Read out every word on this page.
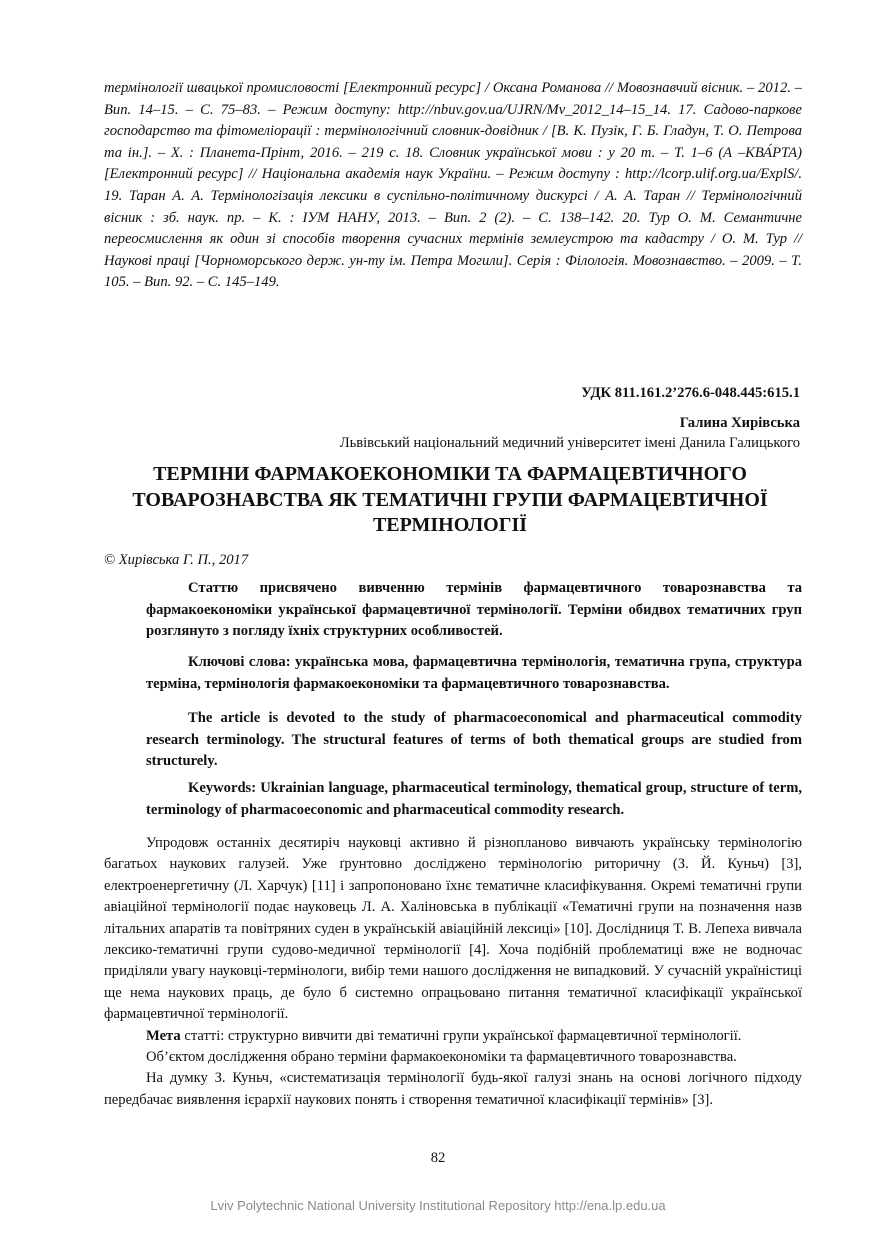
термінології швацької промисловості [Електронний ресурс] / Оксана Романова // Мовознавчий вісник. – 2012. – Вип. 14–15. – С. 75–83. – Режим доступу: http://nbuv.gov.ua/UJRN/Mv_2012_14–15_14. 17. Садово-паркове господарство та фітомеліорації : термінологічний словник-довідник / [В. К. Пузік, Г. Б. Гладун, Т. О. Петрова та ін.]. – Х. : Планета-Прінт, 2016. – 219 с. 18. Словник української мови : у 20 т. – Т. 1–6 (А –КВА́РТА) [Електронний ресурс] // Національна академія наук України. – Режим доступу : http://lcorp.ulif.org.ua/ExplS/. 19. Таран А. А. Термінологізація лексики в суспільно-політичному дискурсі / А. А. Таран // Термінологічний вісник : зб. наук. пр. – К. : ІУМ НАНУ, 2013. – Вип. 2 (2). – С. 138–142. 20. Тур О. М. Семантичне переосмислення як один зі способів творення сучасних термінів землеустрою та кадастру / О. М. Тур // Наукові праці [Чорноморського держ. ун-ту ім. Петра Могили]. Серія : Філологія. Мовознавство. – 2009. – Т. 105. – Вип. 92. – С. 145–149.

УДК 811.161.2’276.6-048.445:615.1

Галина Хирівська

Львівський національний медичний університет імені Данила Галицького

ТЕРМІНИ ФАРМАКОЕКОНОМІКИ ТА ФАРМАЦЕВТИЧНОГО ТОВАРОЗНАВСТВА ЯК ТЕМАТИЧНІ ГРУПИ ФАРМАЦЕВТИЧНОЇ ТЕРМІНОЛОГІЇ

© Хирівська Г. П., 2017

Статтю присвячено вивченню термінів фармацевтичного товарознавства та фармакоекономіки української фармацевтичної термінології. Терміни обидвох тематичних груп розглянуто з погляду їхніх структурних особливостей.

Ключові слова: українська мова, фармацевтична термінологія, тематична група, структура терміна, термінологія фармакоекономіки та фармацевтичного товарознавства.

The article is devoted to the study of pharmacoeconomical and pharmaceutical commodity research terminology. The structural features of terms of both thematical groups are studied from structurely.

Keywords: Ukrainian language, pharmaceutical terminology, thematical group, structure of term, terminology of pharmacoeconomic and pharmaceutical commodity research.

Упродовж останніх десятиріч науковці активно й різнопланово вивчають українську термінологію багатьох наукових галузей. Уже ґрунтовно досліджено термінологію риторичну (З. Й. Куньч) [3], електроенергетичну (Л. Харчук) [11] і запропоновано їхнє тематичне класифікування. Окремі тематичні групи авіаційної термінології подає науковець Л. А. Халіновська в публікації «Тематичні групи на позначення назв літальних апаратів та повітряних суден в українській авіаційній лексиці» [10]. Дослідниця Т. В. Лепеха вивчала лексико-тематичні групи судово-медичної термінології [4]. Хоча подібній проблематиці вже не водночас приділяли увагу науковці-термінологи, вибір теми нашого дослідження не випадковий. У сучасній україністиці ще нема наукових праць, де було б системно опрацьовано питання тематичної класифікації української фармацевтичної термінології.

Мета статті: структурно вивчити дві тематичні групи української фармацевтичної термінології.

Об’єктом дослідження обрано терміни фармакоекономіки та фармацевтичного товарознавства.

На думку З. Куньч, «систематизація термінології будь-якої галузі знань на основі логічного підходу передбачає виявлення ієрархії наукових понять і створення тематичної класифікації термінів» [3].

82

Lviv Polytechnic National University Institutional Repository http://ena.lp.edu.ua
